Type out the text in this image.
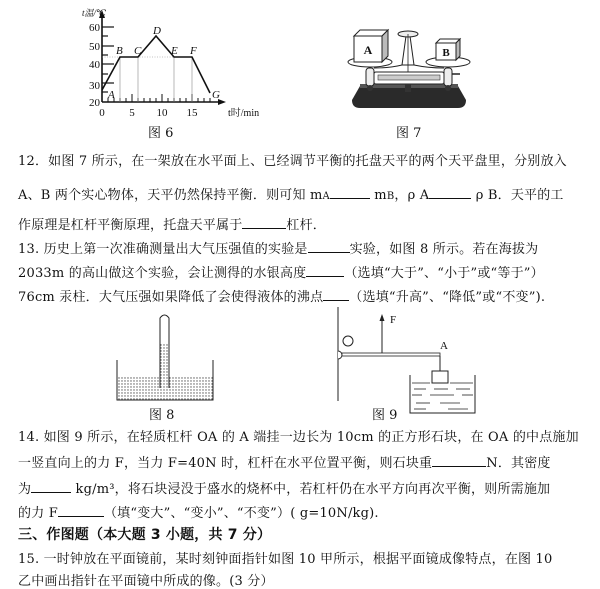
60
50
40
30
20
0 5 10 15
t温/℃
t时/min
A
B C
D
E F
G
图 6
A	B
图 7
12．如图 7 所示，在一架放在水平面上、已经调节平衡的托盘天平的两个天平盘里，分别放入
A、B 两个实心物体，天平仍然保持平衡．则可知 mA	mB，ρ A	ρ B．天平的工
作原理是杠杆平衡原理，托盘天平属于	杠杆．
13. 历史上第一次准确测量出大气压强值的实验是	实验，如图 8 所示。若在海拔为
2033m 的高山做这个实验，会让测得的水银高度	（选填“大于”、“小于”或“等于”）
76cm 汞柱．大气压强如果降低了会使得液体的沸点 （选填“升高”、“降低”或“不变”).
图 8
F
A
图 9
14. 如图 9 所示，在轻质杠杆 OA 的 A 端挂一边长为 10cm 的正方形石块，在 OA 的中点施加
一竖直向上的力 F，当力 F=40N 时，杠杆在水平位置平衡，则石块重	N．其密度
为	kg/m³，将石块浸没于盛水的烧杯中，若杠杆仍在水平方向再次平衡，则所需施加
的力 F	（填“变大”、“变小”、“不变”）( g=10N/kg).
三、作图题（本大题 3 小题，共 7 分）
15. 一时钟放在平面镜前，某时刻钟面指针如图 10 甲所示，根据平面镜成像特点，在图 10
乙中画出指针在平面镜中所成的像。(3 分）
